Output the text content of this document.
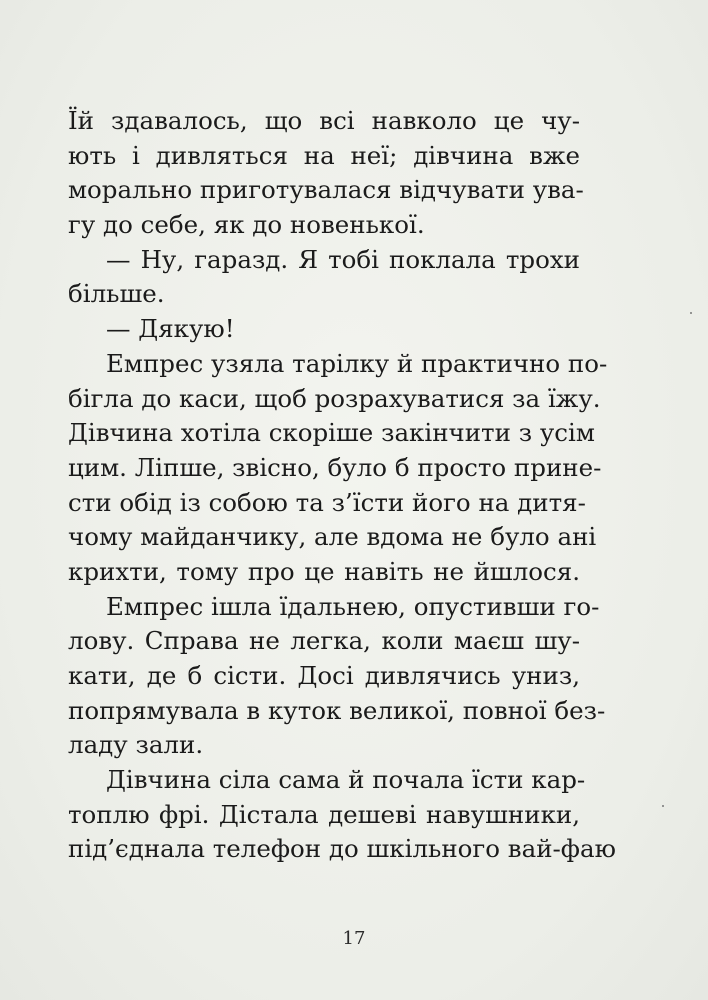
Їй здавалось, що всі навколо це чу-
ють і дивляться на неї; дівчина вже
морально приготувалася відчувати ува-
гу до себе, як до новенької.
— Ну, гаразд. Я тобі поклала трохи
більше.
— Дякую!
Емпрес узяла тарілку й практично по-
бігла до каси, щоб розрахуватися за їжу.
Дівчина хотіла скоріше закінчити з усім
цим. Ліпше, звісно, було б просто прине-
сти обід із собою та з’їсти його на дитя-
чому майданчику, але вдома не було ані
крихти, тому про це навіть не йшлося.
Емпрес ішла їдальнею, опустивши го-
лову. Справа не легка, коли маєш шу-
кати, де б сісти. Досі дивлячись униз,
попрямувала в куток великої, повної без-
ладу зали.
Дівчина сіла сама й почала їсти кар-
топлю фрі. Дістала дешеві навушники,
під’єднала телефон до шкільного вай-фаю
17
